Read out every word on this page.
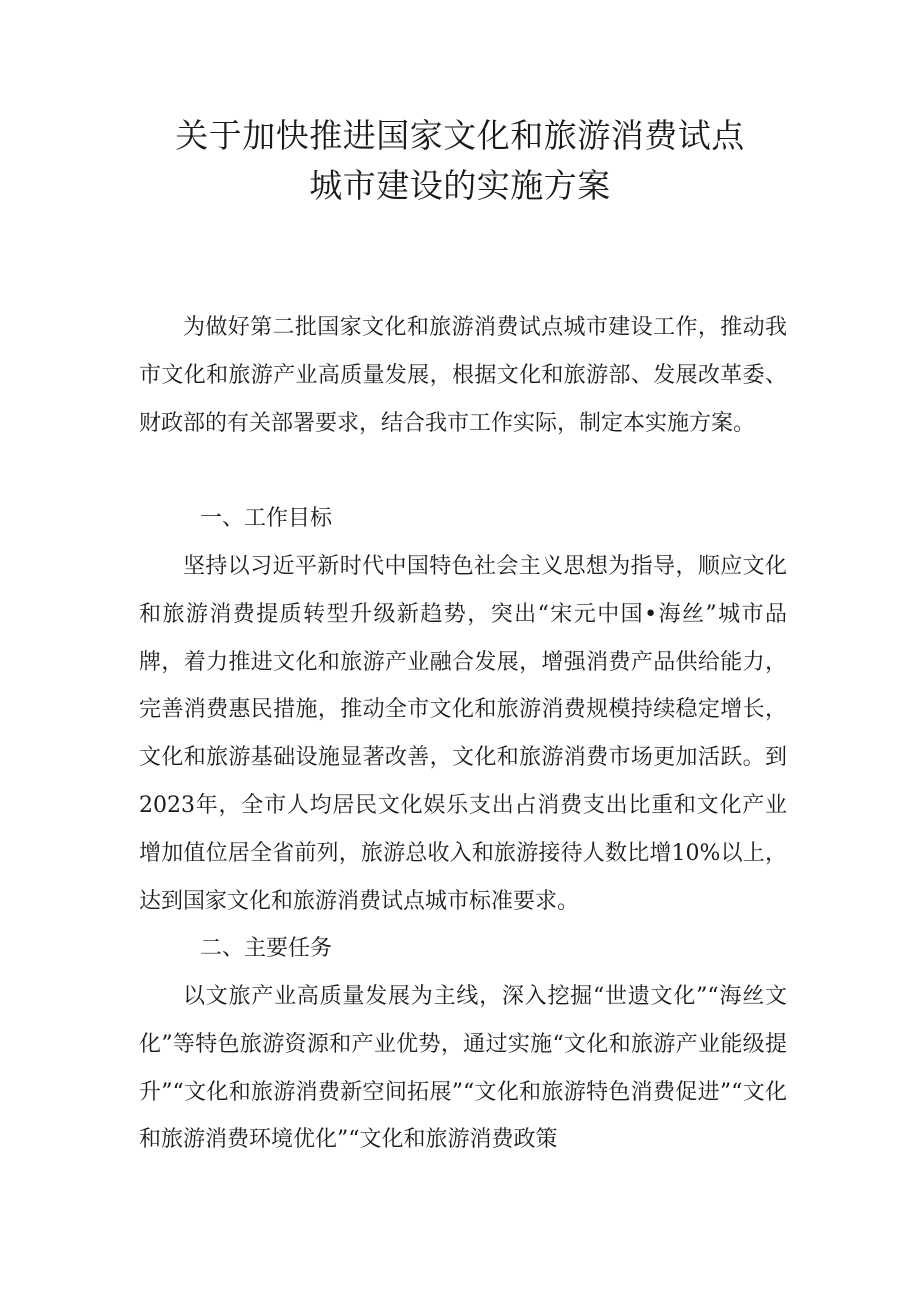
关于加快推进国家文化和旅游消费试点
城市建设的实施方案

为做好第二批国家文化和旅游消费试点城市建设工作，推动我市文化和旅游产业高质量发展，根据文化和旅游部、发展改革委、财政部的有关部署要求，结合我市工作实际，制定本实施方案。

一、工作目标

坚持以习近平新时代中国特色社会主义思想为指导，顺应文化和旅游消费提质转型升级新趋势，突出“宋元中国•海丝”城市品牌，着力推进文化和旅游产业融合发展，增强消费产品供给能力，完善消费惠民措施，推动全市文化和旅游消费规模持续稳定增长，文化和旅游基础设施显著改善，文化和旅游消费市场更加活跃。到2023年，全市人均居民文化娱乐支出占消费支出比重和文化产业增加值位居全省前列，旅游总收入和旅游接待人数比增10%以上，达到国家文化和旅游消费试点城市标准要求。

二、主要任务

以文旅产业高质量发展为主线，深入挖掘“世遗文化”“海丝文化”等特色旅游资源和产业优势，通过实施“文化和旅游产业能级提升”“文化和旅游消费新空间拓展”“文化和旅游特色消费促进”“文化和旅游消费环境优化”“文化和旅游消费政策
